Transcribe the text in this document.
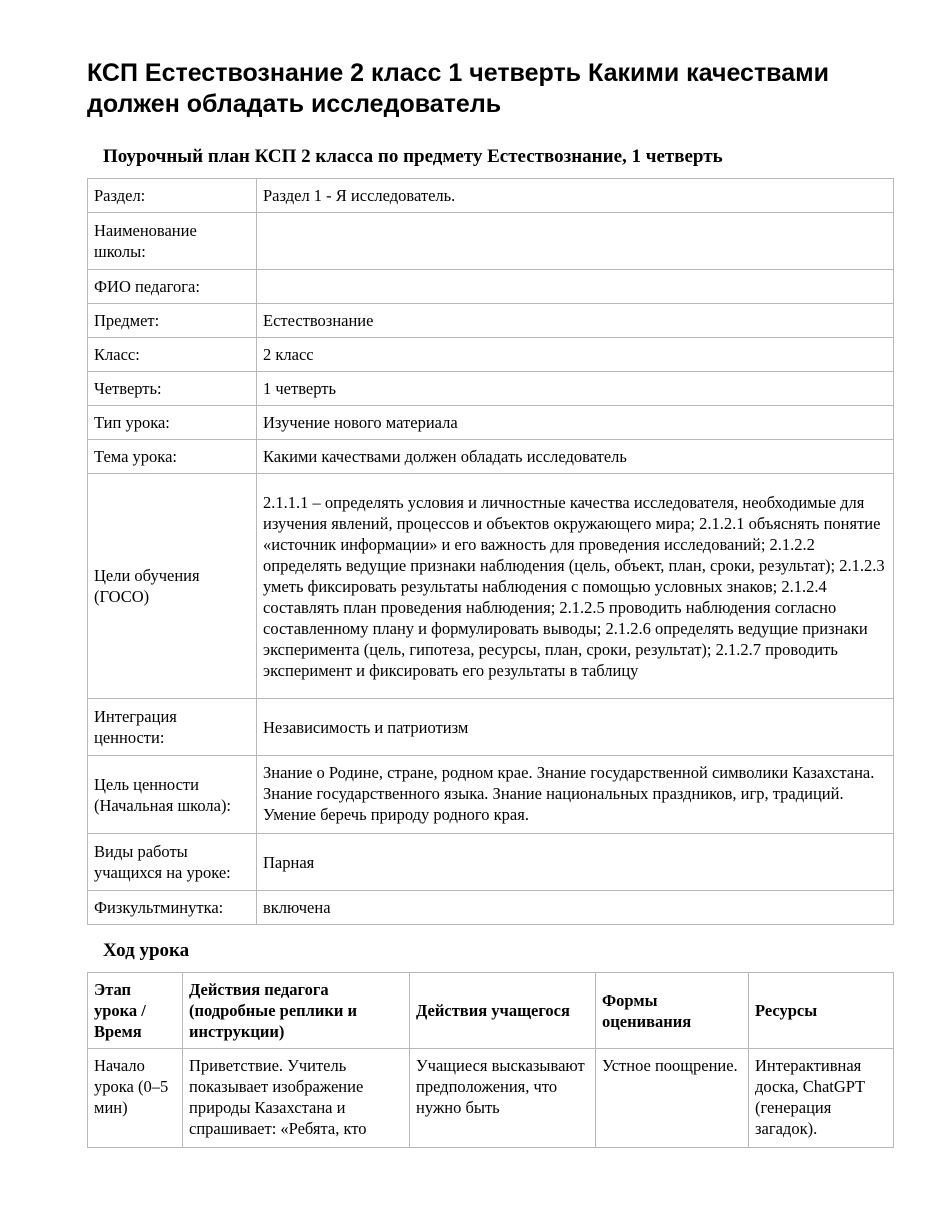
КСП Естествознание 2 класс 1 четверть Какими качествами должен обладать исследователь
Поурочный план КСП 2 класса по предмету Естествознание, 1 четверть
Раздел:	Раздел 1 - Я исследователь.
Наименование школы:	
ФИО педагога:	
Предмет:	Естествознание
Класс:	2 класс
Четверть:	1 четверть
Тип урока:	Изучение нового материала
Тема урока:	Какими качествами должен обладать исследователь
Цели обучения (ГОСО)	2.1.1.1 – определять условия и личностные качества исследователя, необходимые для изучения явлений, процессов и объектов окружающего мира; 2.1.2.1 объяснять понятие «источник информации» и его важность для проведения исследований; 2.1.2.2 определять ведущие признаки наблюдения (цель, объект, план, сроки, результат); 2.1.2.3 уметь фиксировать результаты наблюдения с помощью условных знаков; 2.1.2.4 составлять план проведения наблюдения; 2.1.2.5 проводить наблюдения согласно составленному плану и формулировать выводы; 2.1.2.6 определять ведущие признаки эксперимента (цель, гипотеза, ресурсы, план, сроки, результат); 2.1.2.7 проводить эксперимент и фиксировать его результаты в таблицу
Интеграция ценности:	Независимость и патриотизм
Цель ценности (Начальная школа):	Знание о Родине, стране, родном крае. Знание государственной символики Казахстана. Знание государственного языка. Знание национальных праздников, игр, традиций. Умение беречь природу родного края.
Виды работы учащихся на уроке:	Парная
Физкультминутка:	включена
Ход урока
Этап урока / Время	Действия педагога (подробные реплики и инструкции)	Действия учащегося	Формы оценивания	Ресурсы
Начало урока (0–5 мин)	Приветствие. Учитель показывает изображение природы Казахстана и спрашивает: «Ребята, кто	Учащиеся высказывают предположения, что нужно быть	Устное поощрение.	Интерактивная доска, ChatGPT (генерация загадок).
